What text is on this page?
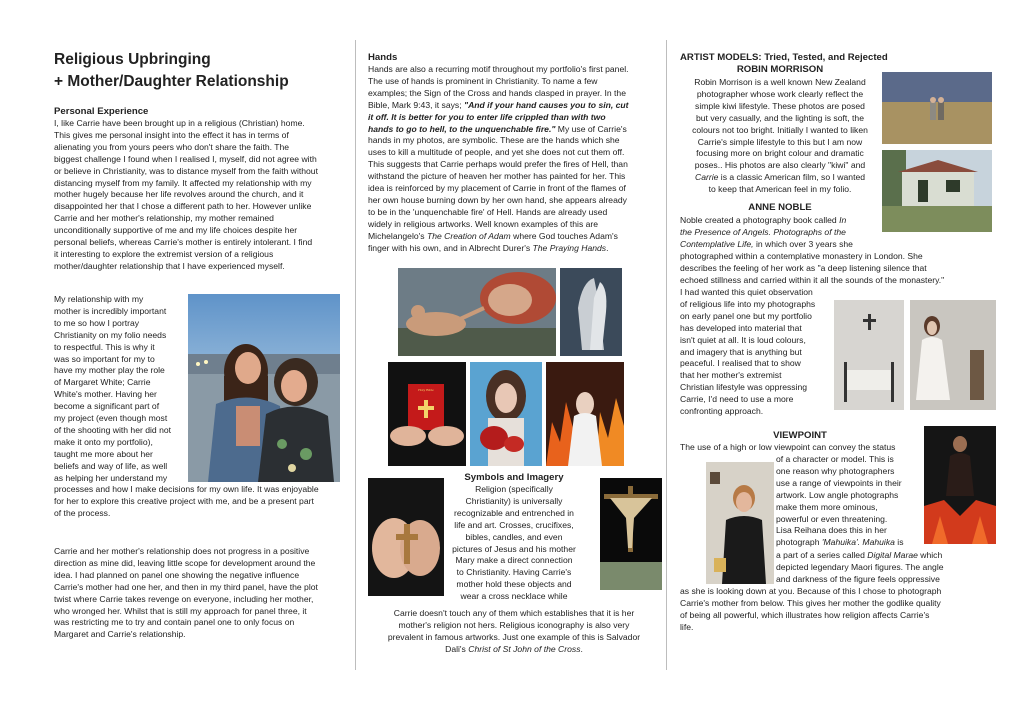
Religious Upbringing
+ Mother/Daughter Relationship
Personal Experience
I, like Carrie have been brought up in a religious (Christian) home.
This gives me personal insight into the effect it has in terms of
alienating you from yours peers who don't share the faith. The
biggest challenge I found when I realised I, myself, did not agree with
or believe in Christianity, was to distance myself from the faith without
distancing myself from my family. It affected my relationship with my
mother hugely because her life revolves around the church, and it
disappointed her that I chose a different path to her. However unlike
Carrie and her mother's relationship, my mother remained
unconditionally supportive of me and my life choices despite her
personal beliefs, whereas Carrie's mother is entirely intolerant. I find
it interesting to explore the extremist version of a religious
mother/daughter relationship that I have experienced myself.
My relationship with my
mother is incredibly important
to me so how I portray
Christianity on my folio needs
to respectful. This is why it
was so important for my to
have my mother play the role
of Margaret White; Carrie
White's mother. Having her
become a significant part of
my project (even though most
of the shooting with her did not
make it onto my portfolio),
taught me more about her
beliefs and way of life, as well
as helping her understand my
processes and how I make decisions for my own life. It was enjoyable
for her to explore this creative project with me, and be a present part
of the process.
Carrie and her mother's relationship does not progress in a positive
direction as mine did, leaving little scope for development around the
idea. I had planned on panel one showing the negative influence
Carrie's mother had one her, and then in my third panel, have the plot
twist where Carrie takes revenge on everyone, including her mother,
who wronged her. Whilst that is still my approach for panel three, it
was restricting me to try and contain panel one to only focus on
Margaret and Carrie's relationship.
Hands
Hands are also a recurring motif throughout my portfolio's first panel.
The use of hands is prominent in Christianity. To name a few
examples; the Sign of the Cross and hands clasped in prayer. In the
Bible, Mark 9:43, it says; "And if your hand causes you to sin, cut
it off. It is better for you to enter life crippled than with two
hands to go to hell, to the unquenchable fire." My use of Carrie's
hands in my photos, are symbolic. These are the hands which she
uses to kill a multitude of people, and yet she does not cut them off.
This suggests that Carrie perhaps would prefer the fires of Hell, than
withstand the picture of heaven her mother has painted for her. This
idea is reinforced by my placement of Carrie in front of the flames of
her own house burning down by her own hand, she appears already
to be in the 'unquenchable fire' of Hell. Hands are already used
widely in religious artworks. Well known examples of this are
Michelangelo's The Creation of Adam where God touches Adam's
finger with his own, and in Albrecht Durer's The Praying Hands.
Holy Bible
Symbols and Imagery
Religion (specifically
Christianity) is universally
recognizable and entrenched in
life and art. Crosses, crucifixes,
bibles, candles, and even
pictures of Jesus and his mother
Mary make a direct connection
to Christianity. Having Carrie's
mother hold these objects and
wear a cross necklace while
Carrie doesn't touch any of them which establishes that it is her
mother's religion not hers. Religious iconography is also very
prevalent in famous artworks. Just one example of this is Salvador
Dali's Christ of St John of the Cross.
ARTIST MODELS: Tried, Tested, and Rejected
ROBIN MORRISON
Robin Morrison is a well known New Zealand
photographer whose work clearly reflect the
simple kiwi lifestyle. These photos are posed
but very casually, and the lighting is soft, the
colours not too bright. Initially I wanted to liken
Carrie's simple lifestyle to this but I am now
focusing more on bright colour and dramatic
poses.. His photos are also clearly "kiwi" and
Carrie is a classic American film, so I wanted
to keep that American feel in my folio.
ANNE NOBLE
Noble created a photography book called In
the Presence of Angels. Photographs of the
Contemplative Life, in which over 3 years she
photographed within a contemplative monastery in London. She
describes the feeling of her work as "a deep listening silence that
echoed stillness and carried within it all the sounds of the monastery."
I had wanted this quiet observation
of religious life into my photographs
on early panel one but my portfolio
has developed into material that
isn't quiet at all. It is loud colours,
and imagery that is anything but
peaceful. I realised that to show
that her mother's extremist
Christian lifestyle was oppressing
Carrie, I'd need to use a more
confronting approach.
VIEWPOINT
The use of a high or low viewpoint can convey the status
of a character or model. This is
one reason why photographers
use a range of viewpoints in their
artwork. Low angle photographs
make them more ominous,
powerful or even threatening.
Lisa Reihana does this in her
photograph 'Mahuika'. Mahuika is
a part of a series called Digital Marae which
depicted legendary Maori figures. The angle
and darkness of the figure feels oppressive
as she is looking down at you. Because of this I chose to photograph
Carrie's mother from below. This gives her mother the godlike quality
of being all powerful, which illustrates how religion affects Carrie's
life.
